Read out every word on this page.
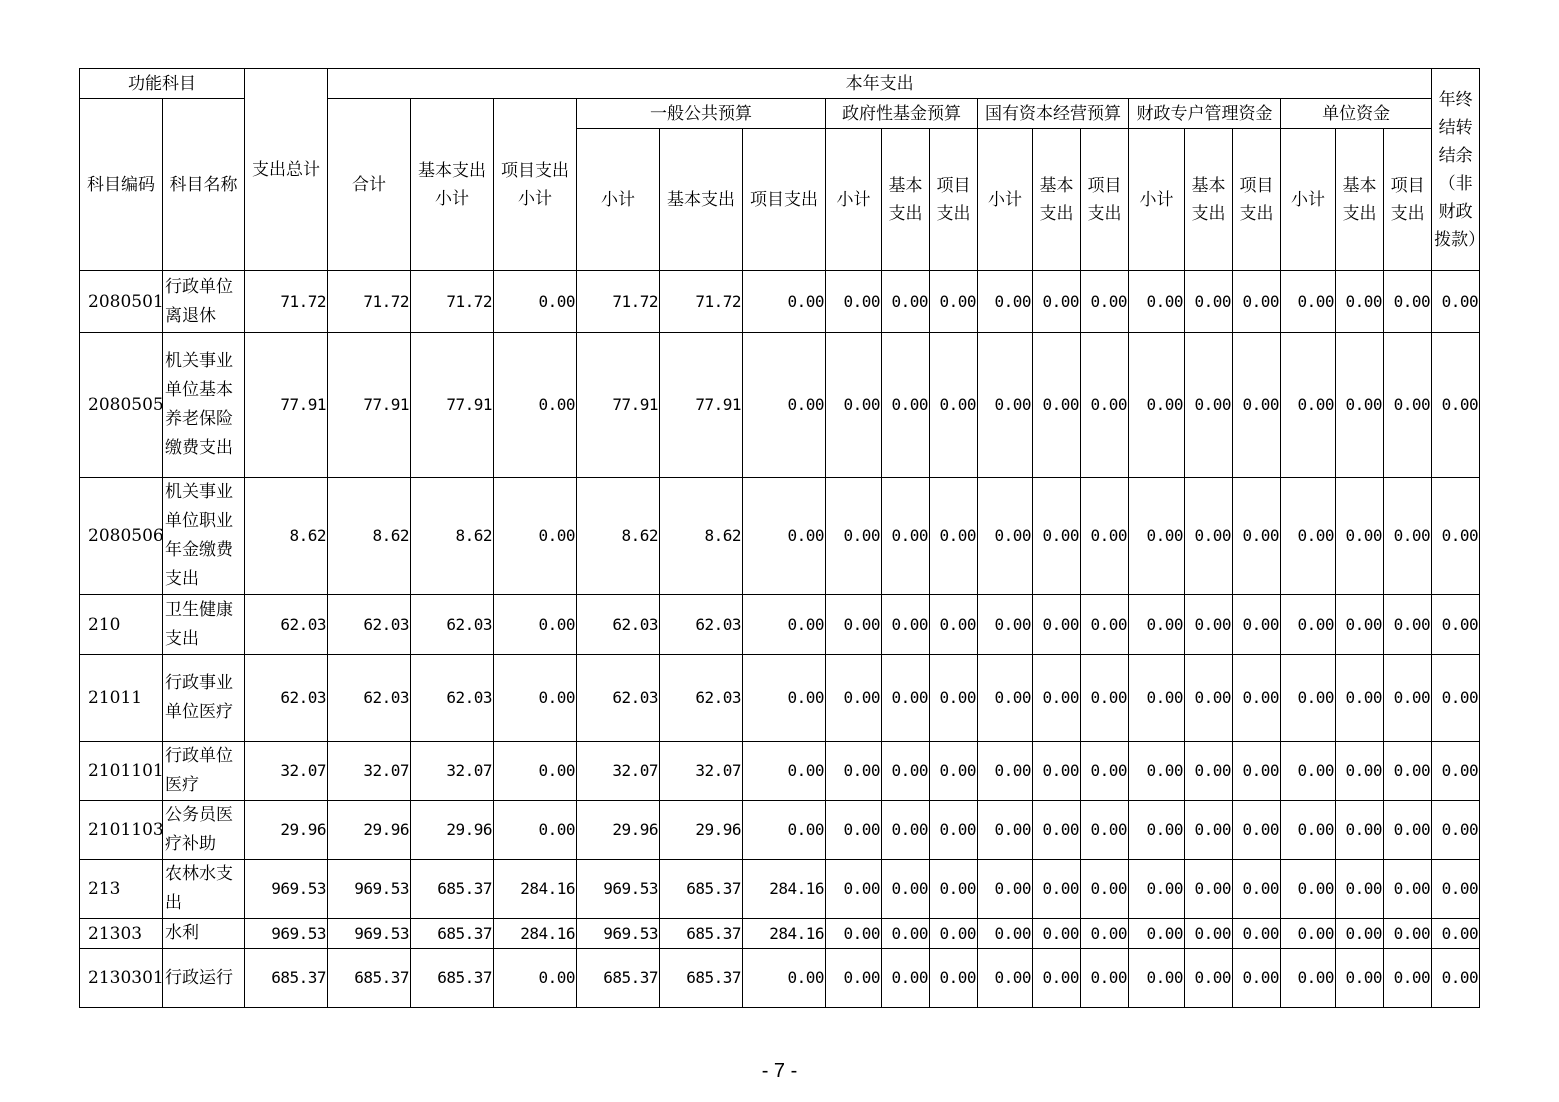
功能科目		支出总计	本年支出																		年终结转结余（非财政拨款）
科目编码	科目名称		合计	基本支出小计	项目支出小计	一般公共预算			政府性基金预算			国有资本经营预算			财政专户管理资金			单位资金			
						小计	基本支出	项目支出	小计	基本支出	项目支出	小计	基本支出	项目支出	小计	基本支出	项目支出	小计	基本支出	项目支出	
2080501	行政单位离退休	71.72	71.72	71.72	0.00	71.72	71.72	0.00	0.00	0.00	0.00	0.00	0.00	0.00	0.00	0.00	0.00	0.00	0.00	0.00	0.00
2080505	机关事业单位基本养老保险缴费支出	77.91	77.91	77.91	0.00	77.91	77.91	0.00	0.00	0.00	0.00	0.00	0.00	0.00	0.00	0.00	0.00	0.00	0.00	0.00	0.00
2080506	机关事业单位职业年金缴费支出	8.62	8.62	8.62	0.00	8.62	8.62	0.00	0.00	0.00	0.00	0.00	0.00	0.00	0.00	0.00	0.00	0.00	0.00	0.00	0.00
210	卫生健康支出	62.03	62.03	62.03	0.00	62.03	62.03	0.00	0.00	0.00	0.00	0.00	0.00	0.00	0.00	0.00	0.00	0.00	0.00	0.00	0.00
21011	行政事业单位医疗	62.03	62.03	62.03	0.00	62.03	62.03	0.00	0.00	0.00	0.00	0.00	0.00	0.00	0.00	0.00	0.00	0.00	0.00	0.00	0.00
2101101	行政单位医疗	32.07	32.07	32.07	0.00	32.07	32.07	0.00	0.00	0.00	0.00	0.00	0.00	0.00	0.00	0.00	0.00	0.00	0.00	0.00	0.00
2101103	公务员医疗补助	29.96	29.96	29.96	0.00	29.96	29.96	0.00	0.00	0.00	0.00	0.00	0.00	0.00	0.00	0.00	0.00	0.00	0.00	0.00	0.00
213	农林水支出	969.53	969.53	685.37	284.16	969.53	685.37	284.16	0.00	0.00	0.00	0.00	0.00	0.00	0.00	0.00	0.00	0.00	0.00	0.00	0.00
21303	水利	969.53	969.53	685.37	284.16	969.53	685.37	284.16	0.00	0.00	0.00	0.00	0.00	0.00	0.00	0.00	0.00	0.00	0.00	0.00	0.00
2130301	行政运行	685.37	685.37	685.37	0.00	685.37	685.37	0.00	0.00	0.00	0.00	0.00	0.00	0.00	0.00	0.00	0.00	0.00	0.00	0.00	0.00
- 7 -
